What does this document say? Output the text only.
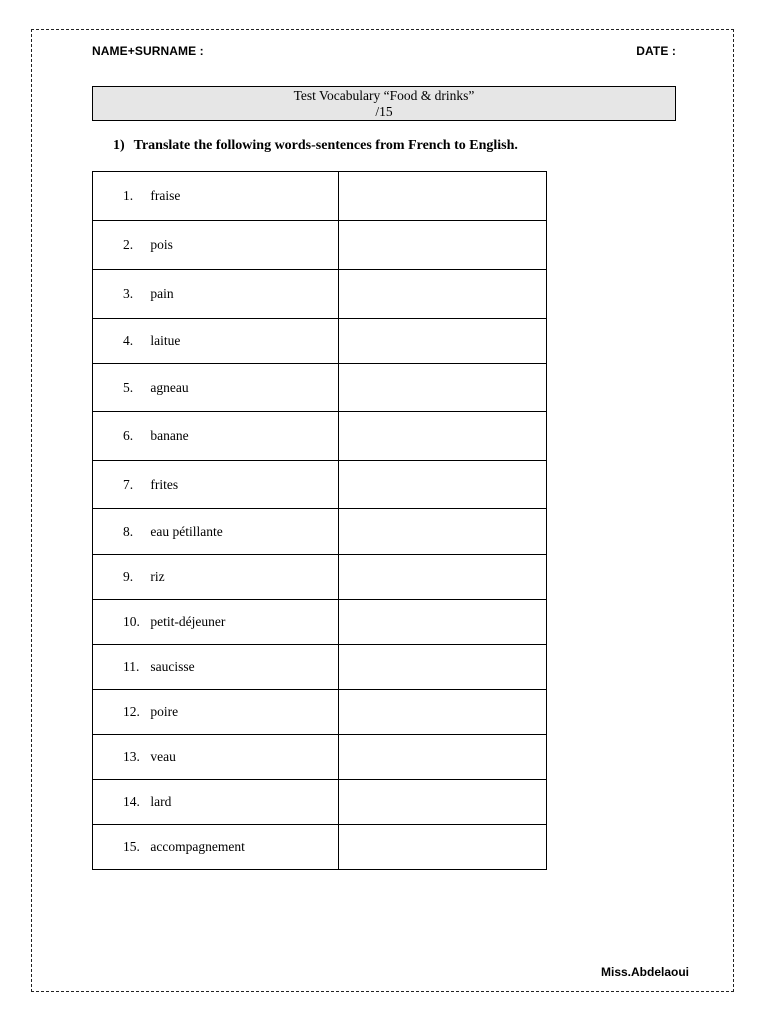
NAME+SURNAME :	DATE :
Test Vocabulary “Food & drinks”
/15
1) Translate the following words-sentences from French to English.
1. fraise	
2. pois	
3. pain	
4. laitue	
5. agneau	
6. banane	
7. frites	
8. eau pétillante	
9. riz	
10. petit-déjeuner	
11. saucisse	
12. poire	
13. veau	
14. lard	
15. accompagnement	
Miss.Abdelaoui
